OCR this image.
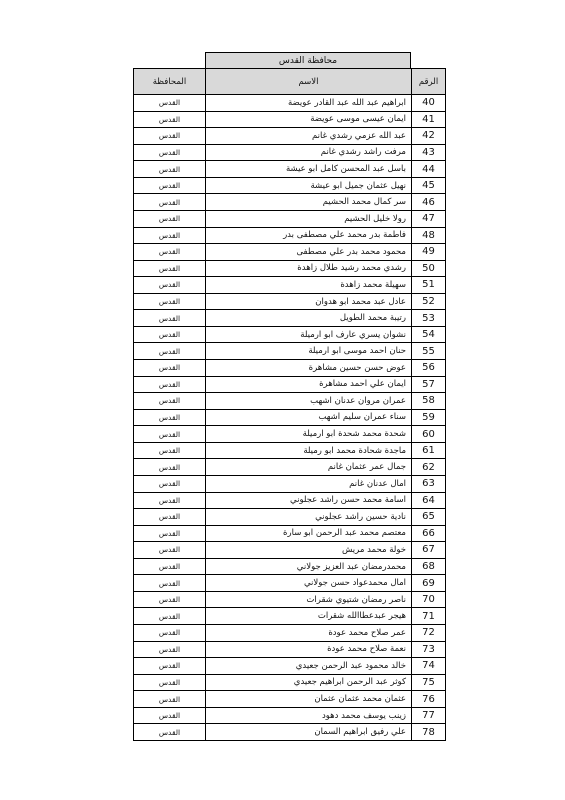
محافظة القدس
الرقم	الاسم	المحافظة
40	ابراهيم عبد الله عبد القادر عويضة	القدس
41	ايمان عيسى موسى عويضة	القدس
42	عبد الله عزمي رشدي غانم	القدس
43	مرفت راشد رشدي غانم	القدس
44	باسل عبد المحسن كامل ابو عيشة	القدس
45	نهيل عثمان جميل ابو عيشة	القدس
46	سر كمال محمد الحشيم	القدس
47	رولا خليل الحشيم	القدس
48	فاطمة بدر محمد علي مصطفى بدر	القدس
49	محمود محمد بدر علي مصطفى	القدس
50	رشدي محمد رشيد طلال زاهدة	القدس
51	سهيلة محمد زاهدة	القدس
52	عادل عبد محمد ابو هدوان	القدس
53	رتيبة محمد الطويل	القدس
54	نشوان يسري عارف ابو ارميلة	القدس
55	حنان احمد موسى ابو ارميلة	القدس
56	عوض حسن حسين مشاهرة	القدس
57	ايمان علي احمد مشاهرة	القدس
58	عمران مروان عدنان اشهب	القدس
59	سناء عمران سليم اشهب	القدس
60	شحدة محمد شحدة ابو ارميلة	القدس
61	ماجدة شحادة محمد ابو رميلة	القدس
62	جمال عمر عثمان غانم	القدس
63	امال عدنان غانم	القدس
64	اسامة محمد حسن راشد عجلوني	القدس
65	نادية حسين راشد عجلوني	القدس
66	معتصم محمد عبد الرحمن ابو سارة	القدس
67	خولة محمد مريش	القدس
68	محمدرمضان عبد العزيز جولاني	القدس
69	امال محمدعواد حسن جولاني	القدس
70	ناصر رمضان شتيوي شقرات	القدس
71	هيجر عبدعطاالله شقرات	القدس
72	عمر صلاح محمد عودة	القدس
73	نعمة صلاح محمد عودة	القدس
74	خالد محمود عبد الرحمن جعيدي	القدس
75	كوثر عبد الرحمن ابراهيم جعيدي	القدس
76	عثمان محمد عثمان عثمان	القدس
77	زينب يوسف محمد دهود	القدس
78	علي رفيق ابراهيم السمان	القدس
